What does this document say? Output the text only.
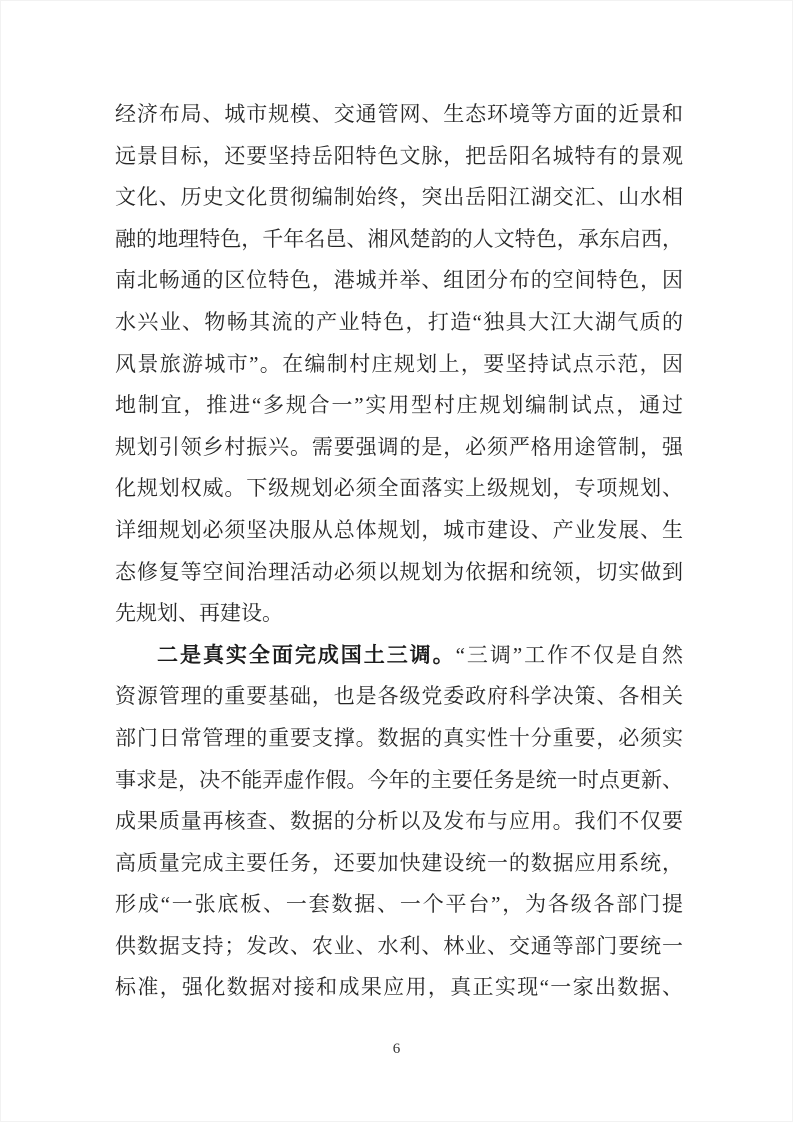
经济布局、城市规模、交通管网、生态环境等方面的近景和
远景目标，还要坚持岳阳特色文脉，把岳阳名城特有的景观
文化、历史文化贯彻编制始终，突出岳阳江湖交汇、山水相
融的地理特色，千年名邑、湘风楚韵的人文特色，承东启西，
南北畅通的区位特色，港城并举、组团分布的空间特色，因
水兴业、物畅其流的产业特色，打造“独具大江大湖气质的
风景旅游城市”。在编制村庄规划上，要坚持试点示范，因
地制宜，推进“多规合一”实用型村庄规划编制试点，通过
规划引领乡村振兴。需要强调的是，必须严格用途管制，强
化规划权威。下级规划必须全面落实上级规划，专项规划、
详细规划必须坚决服从总体规划，城市建设、产业发展、生
态修复等空间治理活动必须以规划为依据和统领，切实做到
先规划、再建设。
二是真实全面完成国土三调。“三调”工作不仅是自然
资源管理的重要基础，也是各级党委政府科学决策、各相关
部门日常管理的重要支撑。数据的真实性十分重要，必须实
事求是，决不能弄虚作假。今年的主要任务是统一时点更新、
成果质量再核查、数据的分析以及发布与应用。我们不仅要
高质量完成主要任务，还要加快建设统一的数据应用系统，
形成“一张底板、一套数据、一个平台”，为各级各部门提
供数据支持；发改、农业、水利、林业、交通等部门要统一
标准，强化数据对接和成果应用，真正实现“一家出数据、
6
